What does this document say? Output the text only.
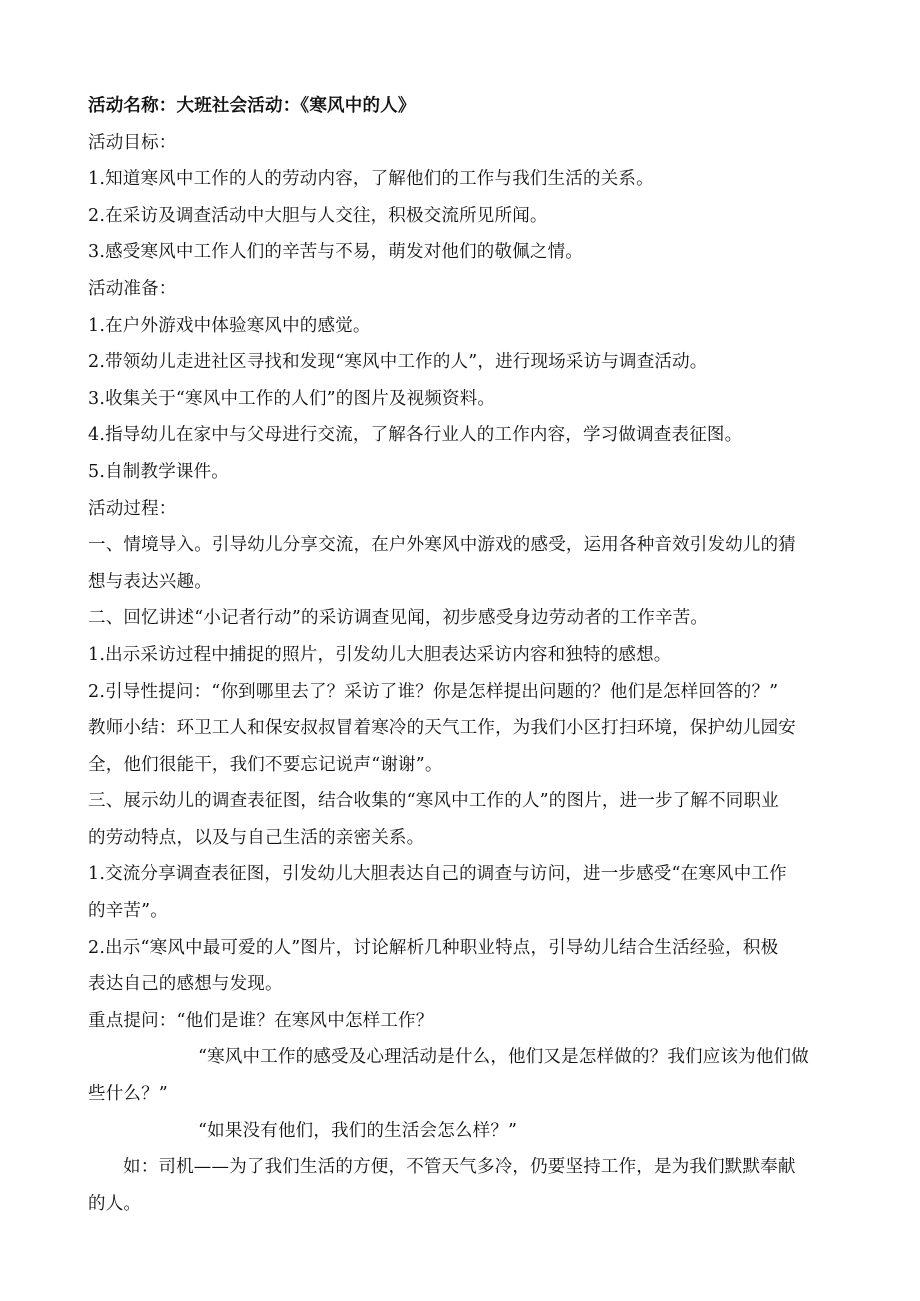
活动名称：大班社会活动：《寒风中的人》
活动目标：
1.知道寒风中工作的人的劳动内容，了解他们的工作与我们生活的关系。
2.在采访及调查活动中大胆与人交往，积极交流所见所闻。
3.感受寒风中工作人们的辛苦与不易，萌发对他们的敬佩之情。
活动准备：
1.在户外游戏中体验寒风中的感觉。
2.带领幼儿走进社区寻找和发现“寒风中工作的人”，进行现场采访与调查活动。
3.收集关于“寒风中工作的人们”的图片及视频资料。
4.指导幼儿在家中与父母进行交流，了解各行业人的工作内容，学习做调查表征图。
5.自制教学课件。
活动过程：
一、情境导入。引导幼儿分享交流，在户外寒风中游戏的感受，运用各种音效引发幼儿的猜
想与表达兴趣。
二、回忆讲述“小记者行动”的采访调查见闻，初步感受身边劳动者的工作辛苦。
1.出示采访过程中捕捉的照片，引发幼儿大胆表达采访内容和独特的感想。
2.引导性提问：“你到哪里去了？采访了谁？你是怎样提出问题的？他们是怎样回答的？”
教师小结：环卫工人和保安叔叔冒着寒冷的天气工作，为我们小区打扫环境，保护幼儿园安
全，他们很能干，我们不要忘记说声“谢谢”。
三、展示幼儿的调查表征图，结合收集的“寒风中工作的人”的图片，进一步了解不同职业
的劳动特点，以及与自己生活的亲密关系。
1.交流分享调查表征图，引发幼儿大胆表达自己的调查与访问，进一步感受“在寒风中工作
的辛苦”。
2.出示“寒风中最可爱的人”图片，讨论解析几种职业特点，引导幼儿结合生活经验，积极
表达自己的感想与发现。
重点提问：“他们是谁？在寒风中怎样工作？
“寒风中工作的感受及心理活动是什么，他们又是怎样做的？我们应该为他们做
些什么？”
“如果没有他们，我们的生活会怎么样？”
如：司机——为了我们生活的方便，不管天气多冷，仍要坚持工作，是为我们默默奉献
的人。
